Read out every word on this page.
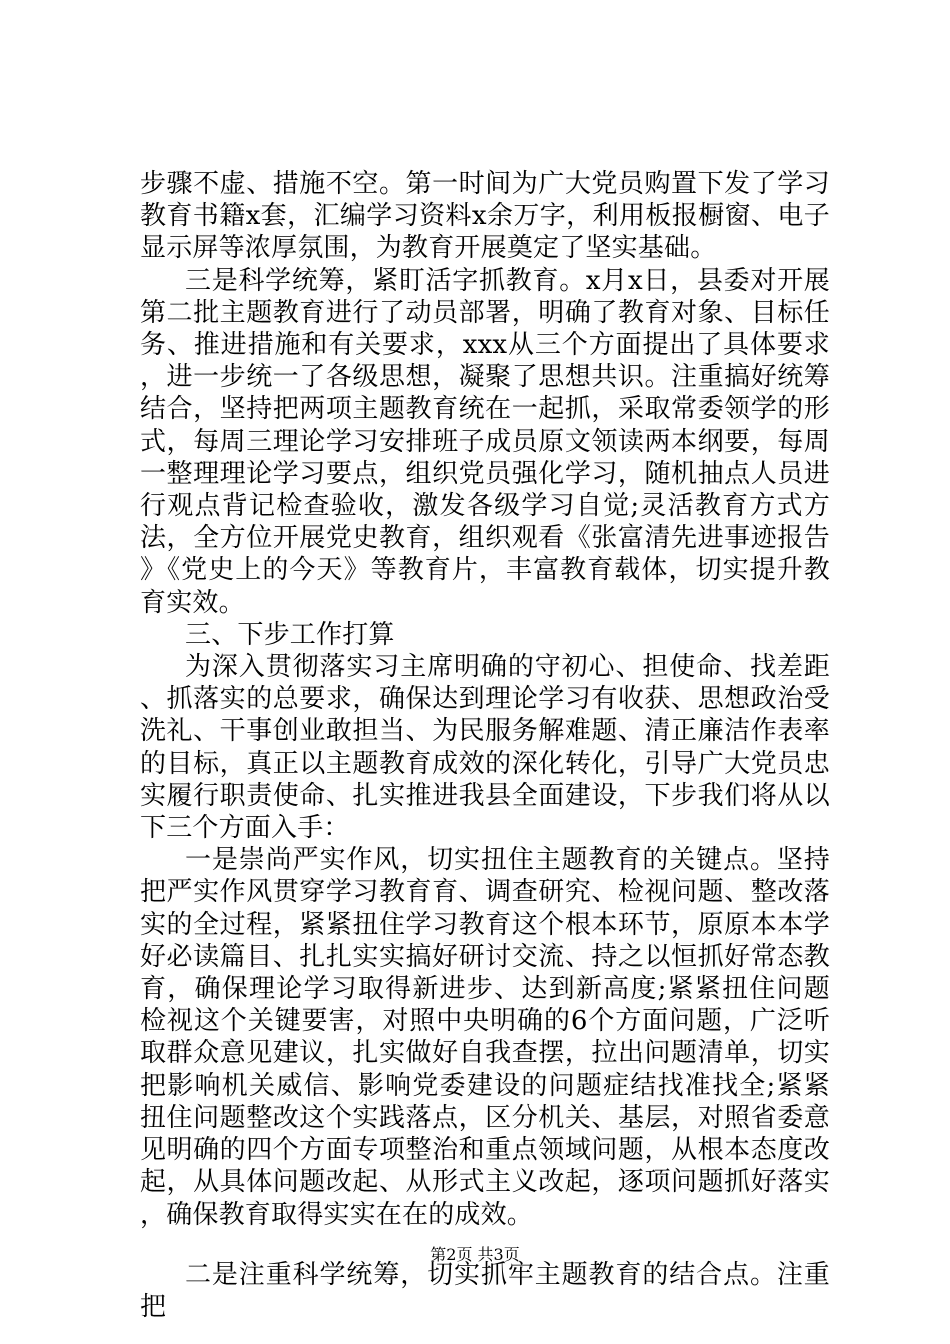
步骤不虚、措施不空。第一时间为广大党员购置下发了学习教育书籍x套，汇编学习资料x余万字，利用板报橱窗、电子显示屏等浓厚氛围，为教育开展奠定了坚实基础。

三是科学统筹，紧盯活字抓教育。x月x日，县委对开展第二批主题教育进行了动员部署，明确了教育对象、目标任务、推进措施和有关要求，xxx从三个方面提出了具体要求，进一步统一了各级思想，凝聚了思想共识。注重搞好统筹结合，坚持把两项主题教育统在一起抓，采取常委领学的形式，每周三理论学习安排班子成员原文领读两本纲要，每周一整理理论学习要点，组织党员强化学习，随机抽点人员进行观点背记检查验收，激发各级学习自觉;灵活教育方式方法，全方位开展党史教育，组织观看《张富清先进事迹报告》《党史上的今天》等教育片，丰富教育载体，切实提升教育实效。

三、下步工作打算

为深入贯彻落实习主席明确的守初心、担使命、找差距、抓落实的总要求，确保达到理论学习有收获、思想政治受洗礼、干事创业敢担当、为民服务解难题、清正廉洁作表率的目标，真正以主题教育成效的深化转化，引导广大党员忠实履行职责使命、扎实推进我县全面建设，下步我们将从以下三个方面入手：

一是崇尚严实作风，切实扭住主题教育的关键点。坚持把严实作风贯穿学习教育育、调查研究、检视问题、整改落实的全过程，紧紧扭住学习教育这个根本环节，原原本本学好必读篇目、扎扎实实搞好研讨交流、持之以恒抓好常态教育，确保理论学习取得新进步、达到新高度;紧紧扭住问题检视这个关键要害，对照中央明确的6个方面问题，广泛听取群众意见建议，扎实做好自我查摆，拉出问题清单，切实把影响机关威信、影响党委建设的问题症结找准找全;紧紧扭住问题整改这个实践落点，区分机关、基层，对照省委意见明确的四个方面专项整治和重点领域问题，从根本态度改起，从具体问题改起、从形式主义改起，逐项问题抓好落实，确保教育取得实实在在的成效。

二是注重科学统筹，切实抓牢主题教育的结合点。注重把

第2页 共3页
